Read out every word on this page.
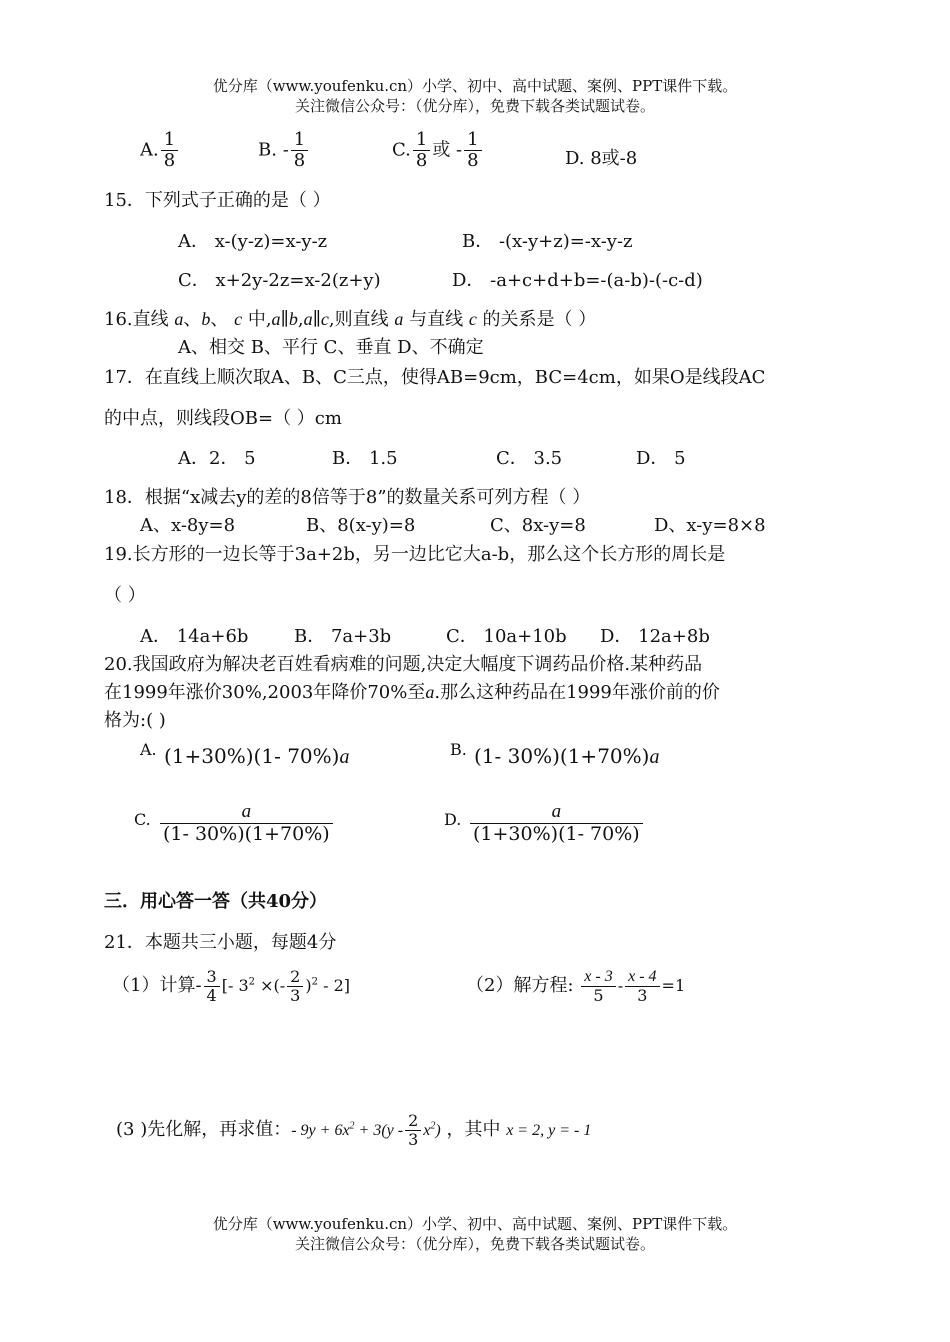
优分库（www.youfenku.cn）小学、初中、高中试题、案例、PPT课件下载。
关注微信公众号：（优分库），免费下载各类试题试卷。
A. $\frac{1}{8}$	B. - $\frac{1}{8}$	C. $\frac{1}{8}$ 或 - $\frac{1}{8}$	D. 8或-8
15．下列式子正确的是（ ）
A． x-(y-z)=x-y-z	B． -(x-y+z)=-x-y-z
C． x+2y-2z=x-2(z+y)	D． -a+c+d+b=-(a-b)-(-c-d)
16.直线 a、b、 c 中,a∥b,a∥c,则直线 a 与直线 c 的关系是（ ）
A、相交 B、平行 C、垂直 D、不确定
17．在直线上顺次取A、B、C三点，使得AB=9cm，BC=4cm，如果O是线段AC
的中点，则线段OB=（ ）cm
A．2． 5	B． 1.5	C． 3.5	D． 5
18．根据“x减去y的差的8倍等于8”的数量关系可列方程（ ）
A、x-8y=8	B、8(x-y)=8	C、8x-y=8	D、x-y=8×8
19.长方形的一边长等于3a+2b，另一边比它大a-b，那么这个长方形的周长是
（ ）
A． 14a+6b	B． 7a+3b	C． 10a+10b D． 12a+8b
20.我国政府为解决老百姓看病难的问题,决定大幅度下调药品价格.某种药品
在1999年涨价30%,2003年降价70%至a.那么这种药品在1999年涨价前的价
格为:( )
A. (1+30%)(1- 70%)a	B. (1- 30%)(1+70%)a
C. $\frac{a}{(1- 30\%)(1+70\%)}$	D. $\frac{a}{(1+30\%)(1- 70\%)}$
三．用心答一答（共40分）
21．本题共三小题，每题4分
（1）计算- $\frac{3}{4}$ [- $3^2$ ×(- $\frac{2}{3} )^2 - 2$]	（2）解方程: $\frac{x - 3}{5} - \frac{x - 4}{3} =1$
(3 )先化解，再求值：- $9y + 6x^2 + 3(y - \frac{2}{3} x^2)$ ，其中 x = 2, y = - 1
优分库（www.youfenku.cn）小学、初中、高中试题、案例、PPT课件下载。
关注微信公众号：（优分库），免费下载各类试题试卷。
